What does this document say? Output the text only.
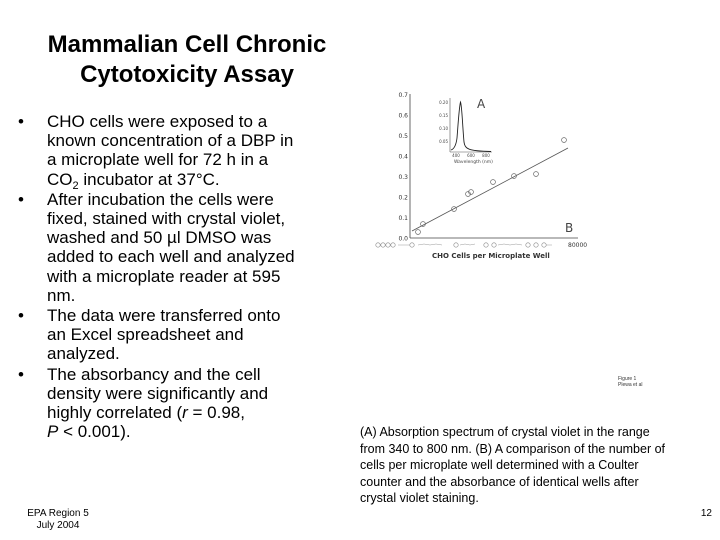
Mammalian Cell Chronic
Cytotoxicity Assay
• CHO cells were exposed to a
known concentration of a DBP in
a microplate well for 72 h in a
$CO_2$ incubator at 37°C.
• After incubation the cells were
fixed, stained with crystal violet,
washed and 50 µl DMSO was
added to each well and analyzed
with a microplate reader at 595
nm.
• The data were transferred onto
an Excel spreadsheet and
analyzed.
• The absorbancy and the cell
density were significantly and
highly correlated (r = 0.98,
P < 0.001).
0.7
0.6
0.5
0.4
0.3
0.2
0.1
0.0
80000
CHO Cells per Microplate Well
B
0.20
0.15
0.10
0.05
400 600 800
Wavelength (nm)
A
Figure 1
Plewa et al
(A) Absorption spectrum of crystal violet in the range
from 340 to 800 nm. (B) A comparison of the number of
cells per microplate well determined with a Coulter
counter and the absorbance of identical wells after
crystal violet staining.
EPA Region 5
July 2004
12
